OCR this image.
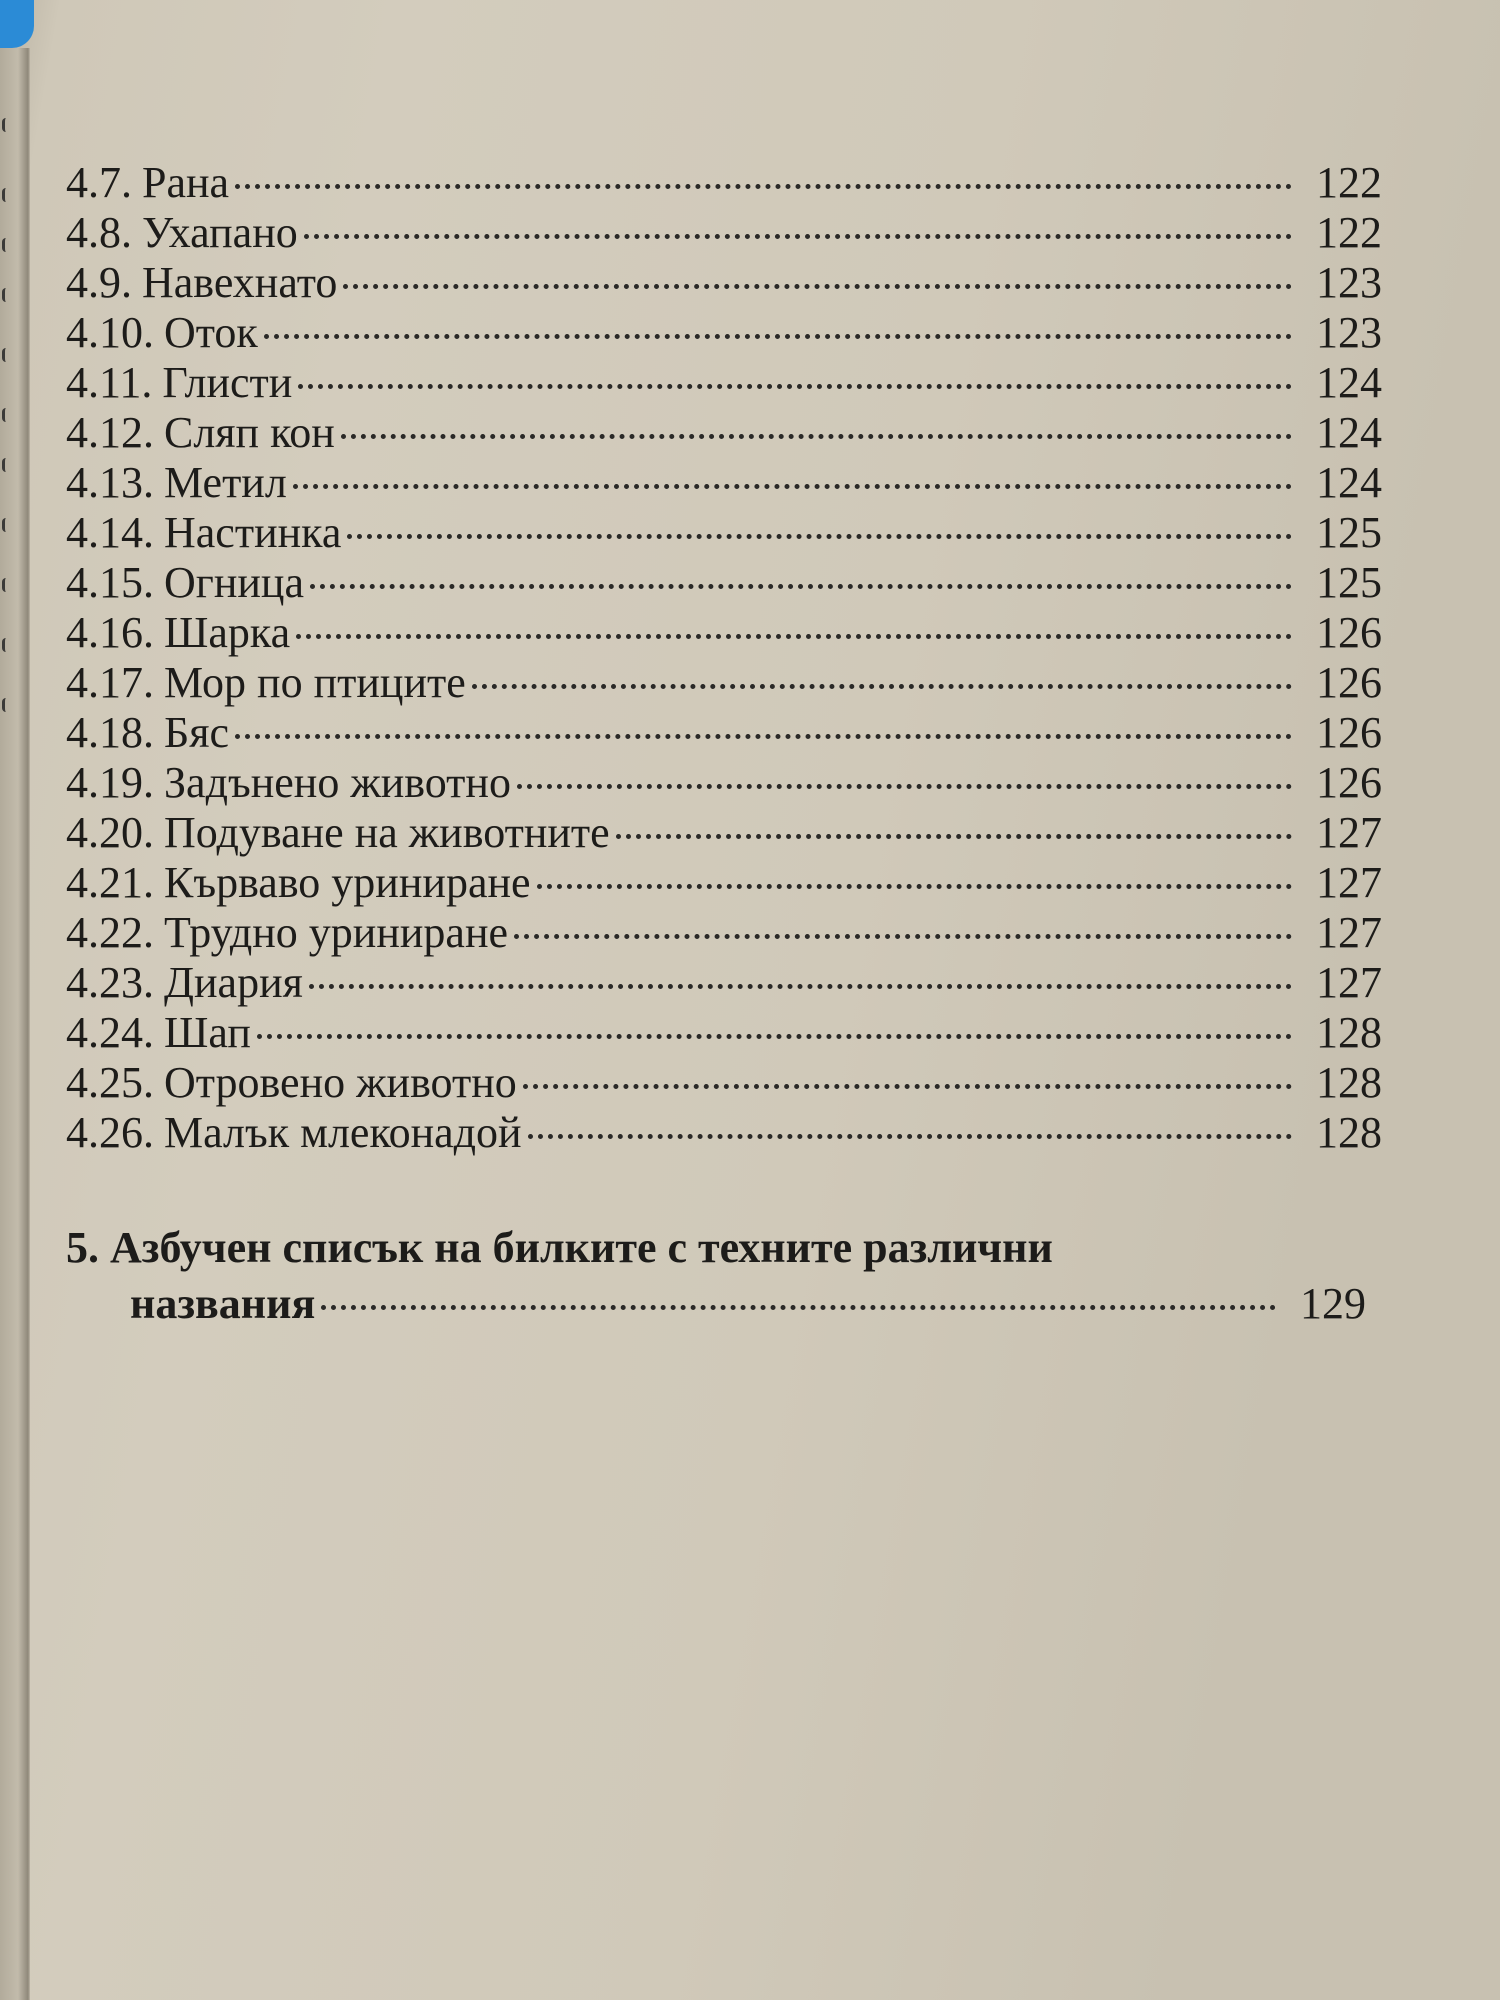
4.7. Рана	122
4.8. Ухапано	122
4.9. Навехнато	123
4.10. Оток	123
4.11. Глисти	124
4.12. Сляп кон	124
4.13. Метил	124
4.14. Настинка	125
4.15. Огница	125
4.16. Шарка	126
4.17. Мор по птиците	126
4.18. Бяс	126
4.19. Задънено животно	126
4.20. Подуване на животните	127
4.21. Кърваво уриниране	127
4.22. Трудно уриниране	127
4.23. Диария	127
4.24. Шап	128
4.25. Отровено животно	128
4.26. Малък млеконадой	128
5. Азбучен списък на билките с техните различни
названия	129
